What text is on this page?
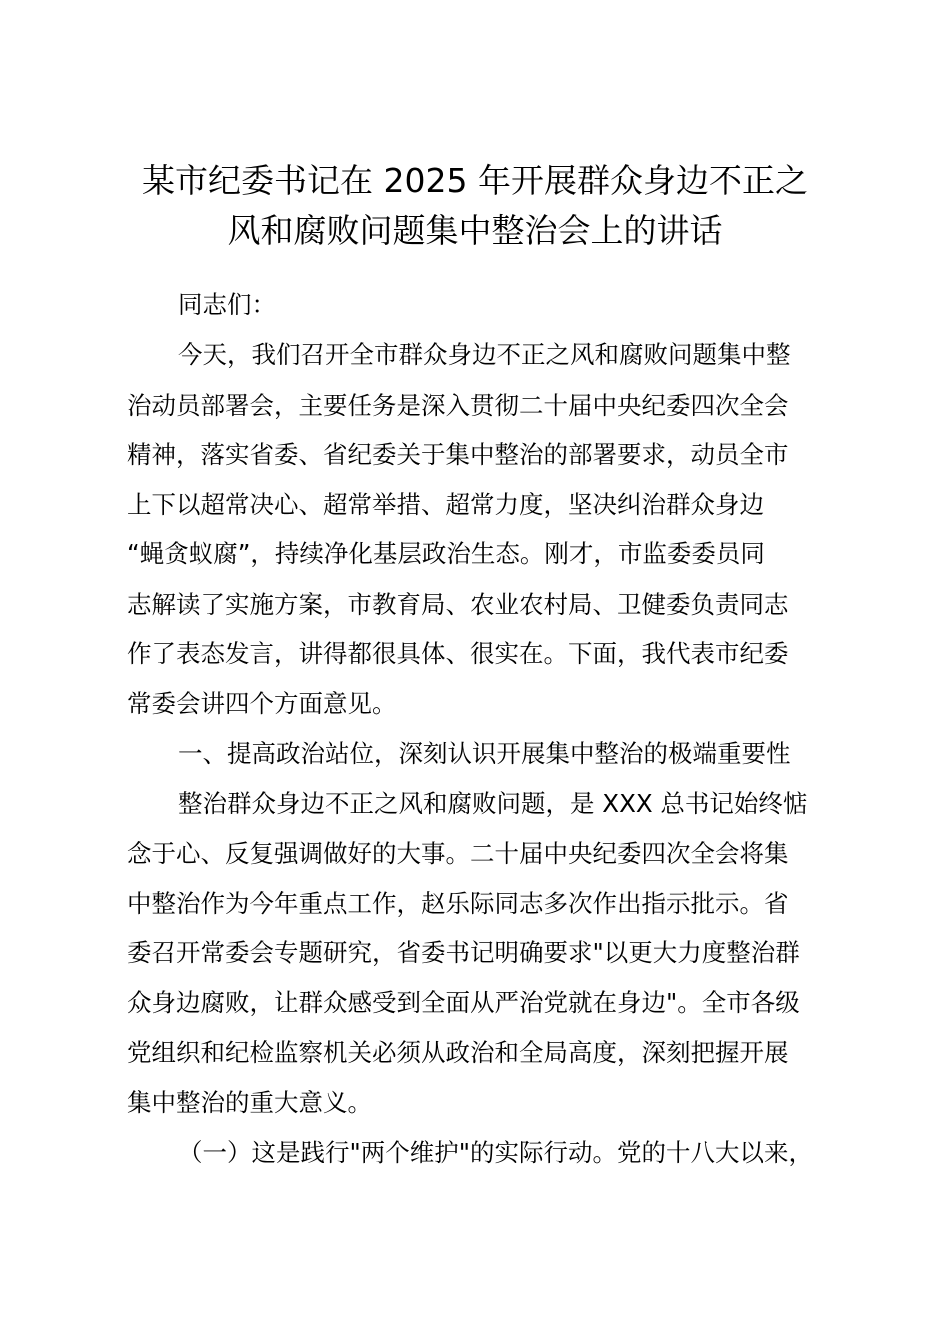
某市纪委书记在 2025 年开展群众身边不正之
风和腐败问题集中整治会上的讲话
同志们：
今天，我们召开全市群众身边不正之风和腐败问题集中整
治动员部署会，主要任务是深入贯彻二十届中央纪委四次全会
精神，落实省委、省纪委关于集中整治的部署要求，动员全市
上下以超常决心、超常举措、超常力度，坚决纠治群众身边
“蝇贪蚁腐”，持续净化基层政治生态。刚才，市监委委员同
志解读了实施方案，市教育局、农业农村局、卫健委负责同志
作了表态发言，讲得都很具体、很实在。下面，我代表市纪委
常委会讲四个方面意见。
一、提高政治站位，深刻认识开展集中整治的极端重要性
整治群众身边不正之风和腐败问题，是 XXX 总书记始终惦
念于心、反复强调做好的大事。二十届中央纪委四次全会将集
中整治作为今年重点工作，赵乐际同志多次作出指示批示。省
委召开常委会专题研究，省委书记明确要求"以更大力度整治群
众身边腐败，让群众感受到全面从严治党就在身边"。全市各级
党组织和纪检监察机关必须从政治和全局高度，深刻把握开展
集中整治的重大意义。
（一）这是践行"两个维护"的实际行动。党的十八大以来，
